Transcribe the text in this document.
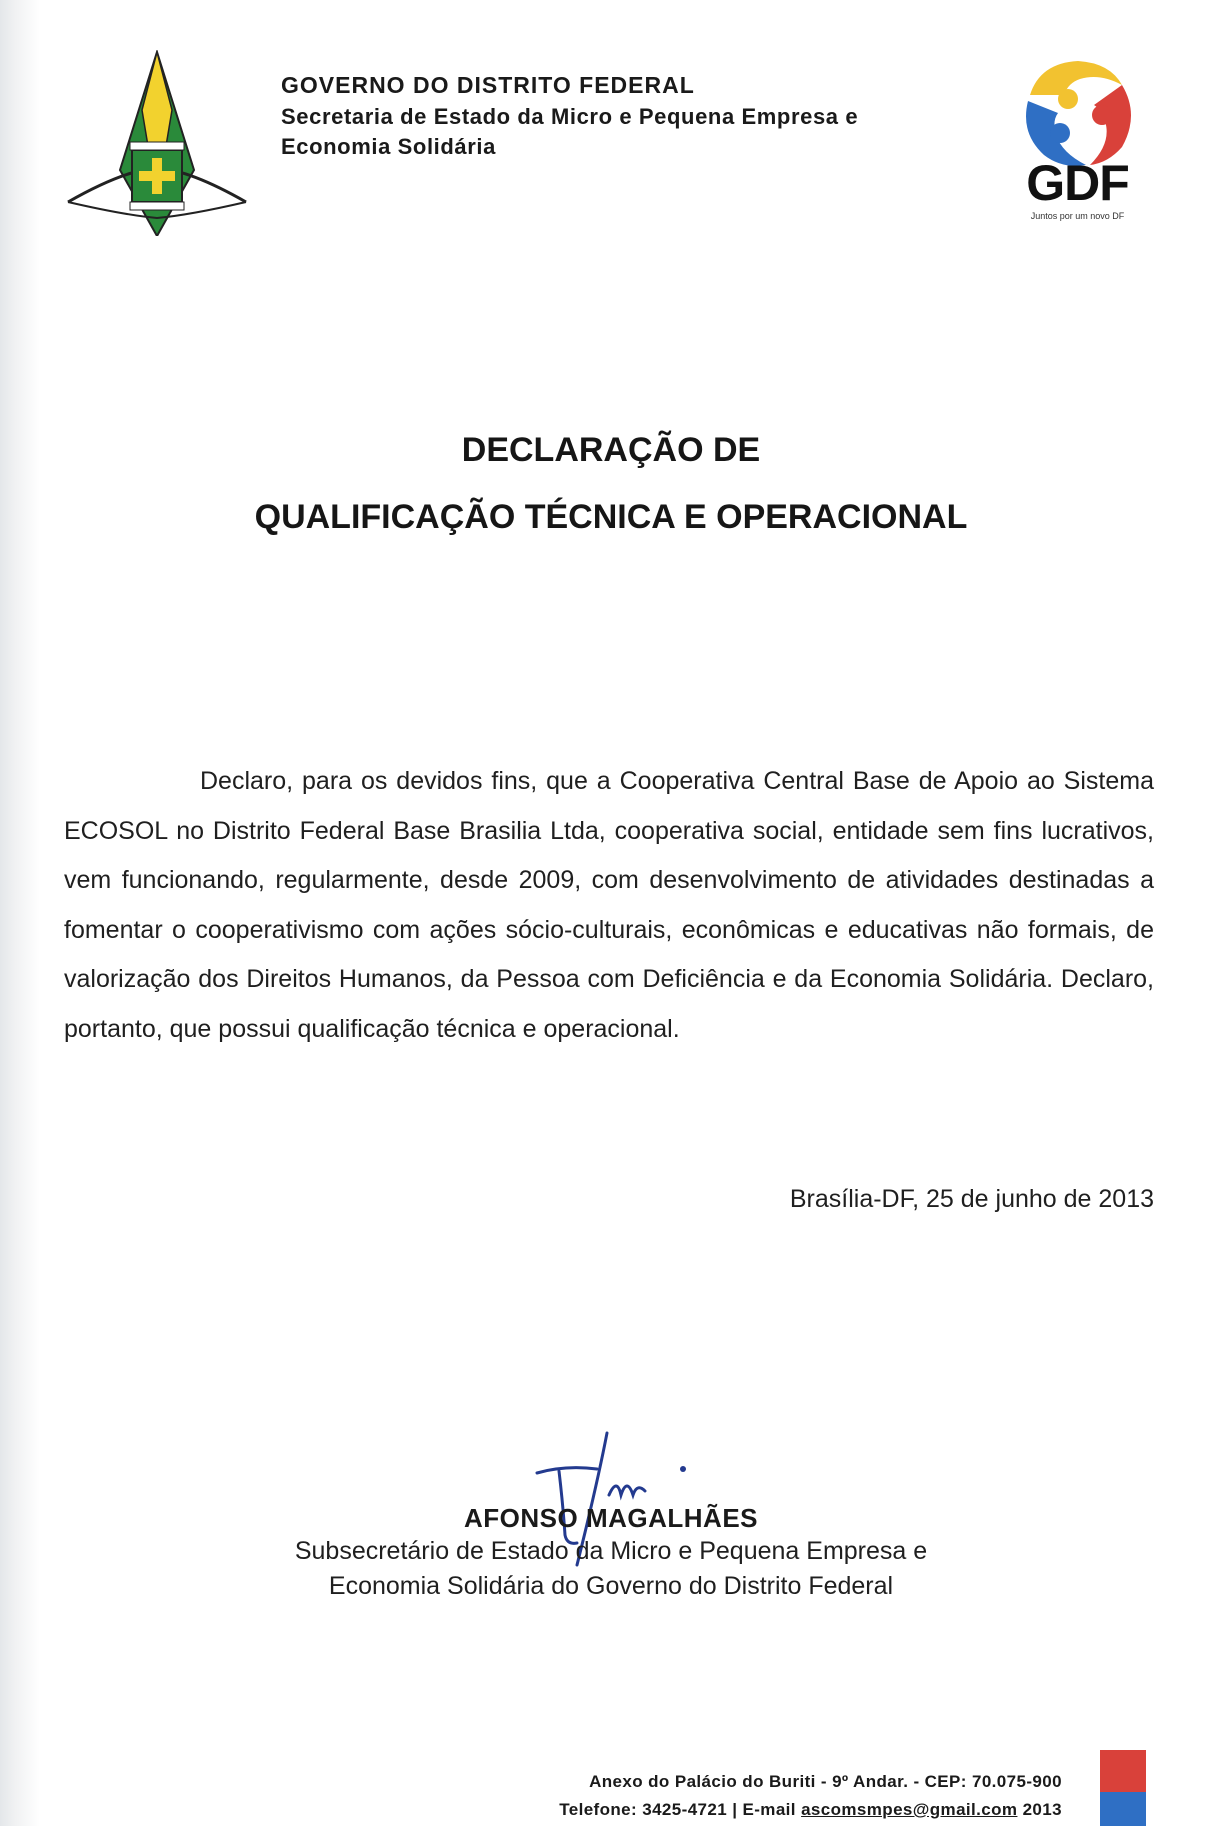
GOVERNO DO DISTRITO FEDERAL
Secretaria de Estado da Micro e Pequena Empresa e
Economia Solidária
GDF
Juntos por um novo DF
DECLARAÇÃO DE
QUALIFICAÇÃO TÉCNICA E OPERACIONAL

Declaro, para os devidos fins, que a Cooperativa Central Base de Apoio ao Sistema ECOSOL no Distrito Federal Base Brasilia Ltda, cooperativa social, entidade sem fins lucrativos, vem funcionando, regularmente, desde 2009, com desenvolvimento de atividades destinadas a fomentar o cooperativismo com ações sócio-culturais, econômicas e educativas não formais, de valorização dos Direitos Humanos, da Pessoa com Deficiência e da Economia Solidária. Declaro, portanto, que possui qualificação técnica e operacional.

Brasília-DF, 25 de junho de 2013
AFONSO MAGALHÃES
Subsecretário de Estado da Micro e Pequena Empresa e
Economia Solidária do Governo do Distrito Federal
Anexo do Palácio do Buriti - 9º Andar. - CEP: 70.075-900
Telefone: 3425-4721 | E-mail ascomsmpes@gmail.com 2013
